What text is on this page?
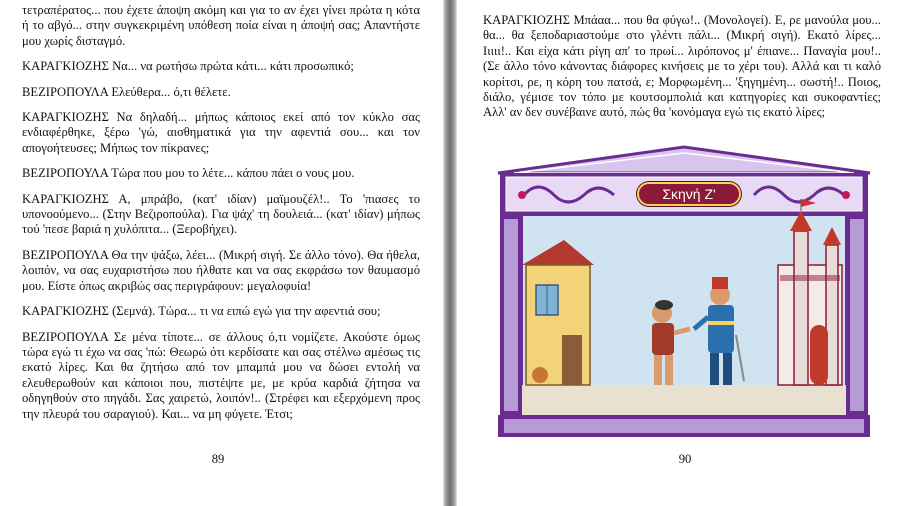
τετραπέρατος... που έχετε άποψη ακόμη και για το αν έχει γίνει πρώτα η κότα ή το αβγό... στην συγκεκριμένη υπόθεση ποία είναι η άποψή σας; Απαντήστε μου χωρίς δισταγμό.

ΚΑΡΑΓΚΙΟΖΗΣ Να... να ρωτήσω πρώτα κάτι... κάτι προσωπικό;

ΒΕΖΙΡΟΠΟΥΛΑ Ελεύθερα... ό,τι θέλετε.

ΚΑΡΑΓΚΙΟΖΗΣ Να δηλαδή... μήπως κάποιος εκεί από τον κύκλο σας ενδιαφέρθηκε, ξέρω 'γώ, αισθηματικά για την αφεντιά σου... και τον απογοήτευσες; Μήπως τον πίκρανες;

ΒΕΖΙΡΟΠΟΥΛΑ Τώρα που μου το λέτε... κάπου πάει ο νους μου.

ΚΑΡΑΓΚΙΟΖΗΣ Α, μπράβο, (κατ' ιδίαν) μαϊμουζέλ!.. Το 'πιασες το υπονοούμενο... (Στην Βεζιροπούλα). Για ψάχ' τη δουλειά... (κατ' ιδίαν) μήπως τού 'πεσε βαριά η χυλόπιτα... (Ξεροβήχει).

ΒΕΖΙΡΟΠΟΥΛΑ Θα την ψάξω, λέει... (Μικρή σιγή. Σε άλλο τόνο). Θα ήθελα, λοιπόν, να σας ευχαριστήσω που ήλθατε και να σας εκφράσω τον θαυμασμό μου. Είστε όπως ακριβώς σας περιγράφουν: μεγαλοφυία!

ΚΑΡΑΓΚΙΟΖΗΣ (Σεμνά). Τώρα... τι να ειπώ εγώ για την αφεντιά σου;

ΒΕΖΙΡΟΠΟΥΛΑ Σε μένα τίποτε... σε άλλους ό,τι νομίζετε. Ακούστε όμως τώρα εγώ τι έχω να σας 'πώ: Θεωρώ ότι κερδίσατε και σας στέλνω αμέσως τις εκατό λίρες. Και θα ζητήσω από τον μπαμπά μου να δώσει εντολή να ελευθερωθούν και κάποιοι που, πιστέψτε με, με κρύα καρδιά ζήτησα να οδηγηθούν στο πηγάδι. Σας χαιρετώ, λοιπόν!.. (Στρέφει και εξερχόμενη προς την πλευρά του σαραγιού). Και... να μη φύγετε. Έτσι;

89

ΚΑΡΑΓΚΙΟΖΗΣ Μπάαα... που θα φύγω!.. (Μονολογεί). Ε, ρε μανούλα μου... θα... θα ξεποδαριαστούμε στο γλέντι πάλι... (Μικρή σιγή). Εκατό λίρες... Ιιιιι!.. Και είχα κάτι ρίγη απ' το πρωί... λιρόπονος μ' έπιανε... Παναγία μου!.. (Σε άλλο τόνο κάνοντας διάφορες κινήσεις με το χέρι του). Αλλά και τι καλό κορίτσι, ρε, η κόρη του πατσά, ε; Μορφωμένη... 'ξηγημένη... σωστή!.. Ποιος, διάλο, γέμισε τον τόπο με κουτσομπολιά και κατηγορίες και συκοφαντίες; Αλλ' αν δεν συνέβαινε αυτό, πώς θα 'κονόμαγα εγώ τις εκατό λίρες;

Σκηνή Ζ'
90
